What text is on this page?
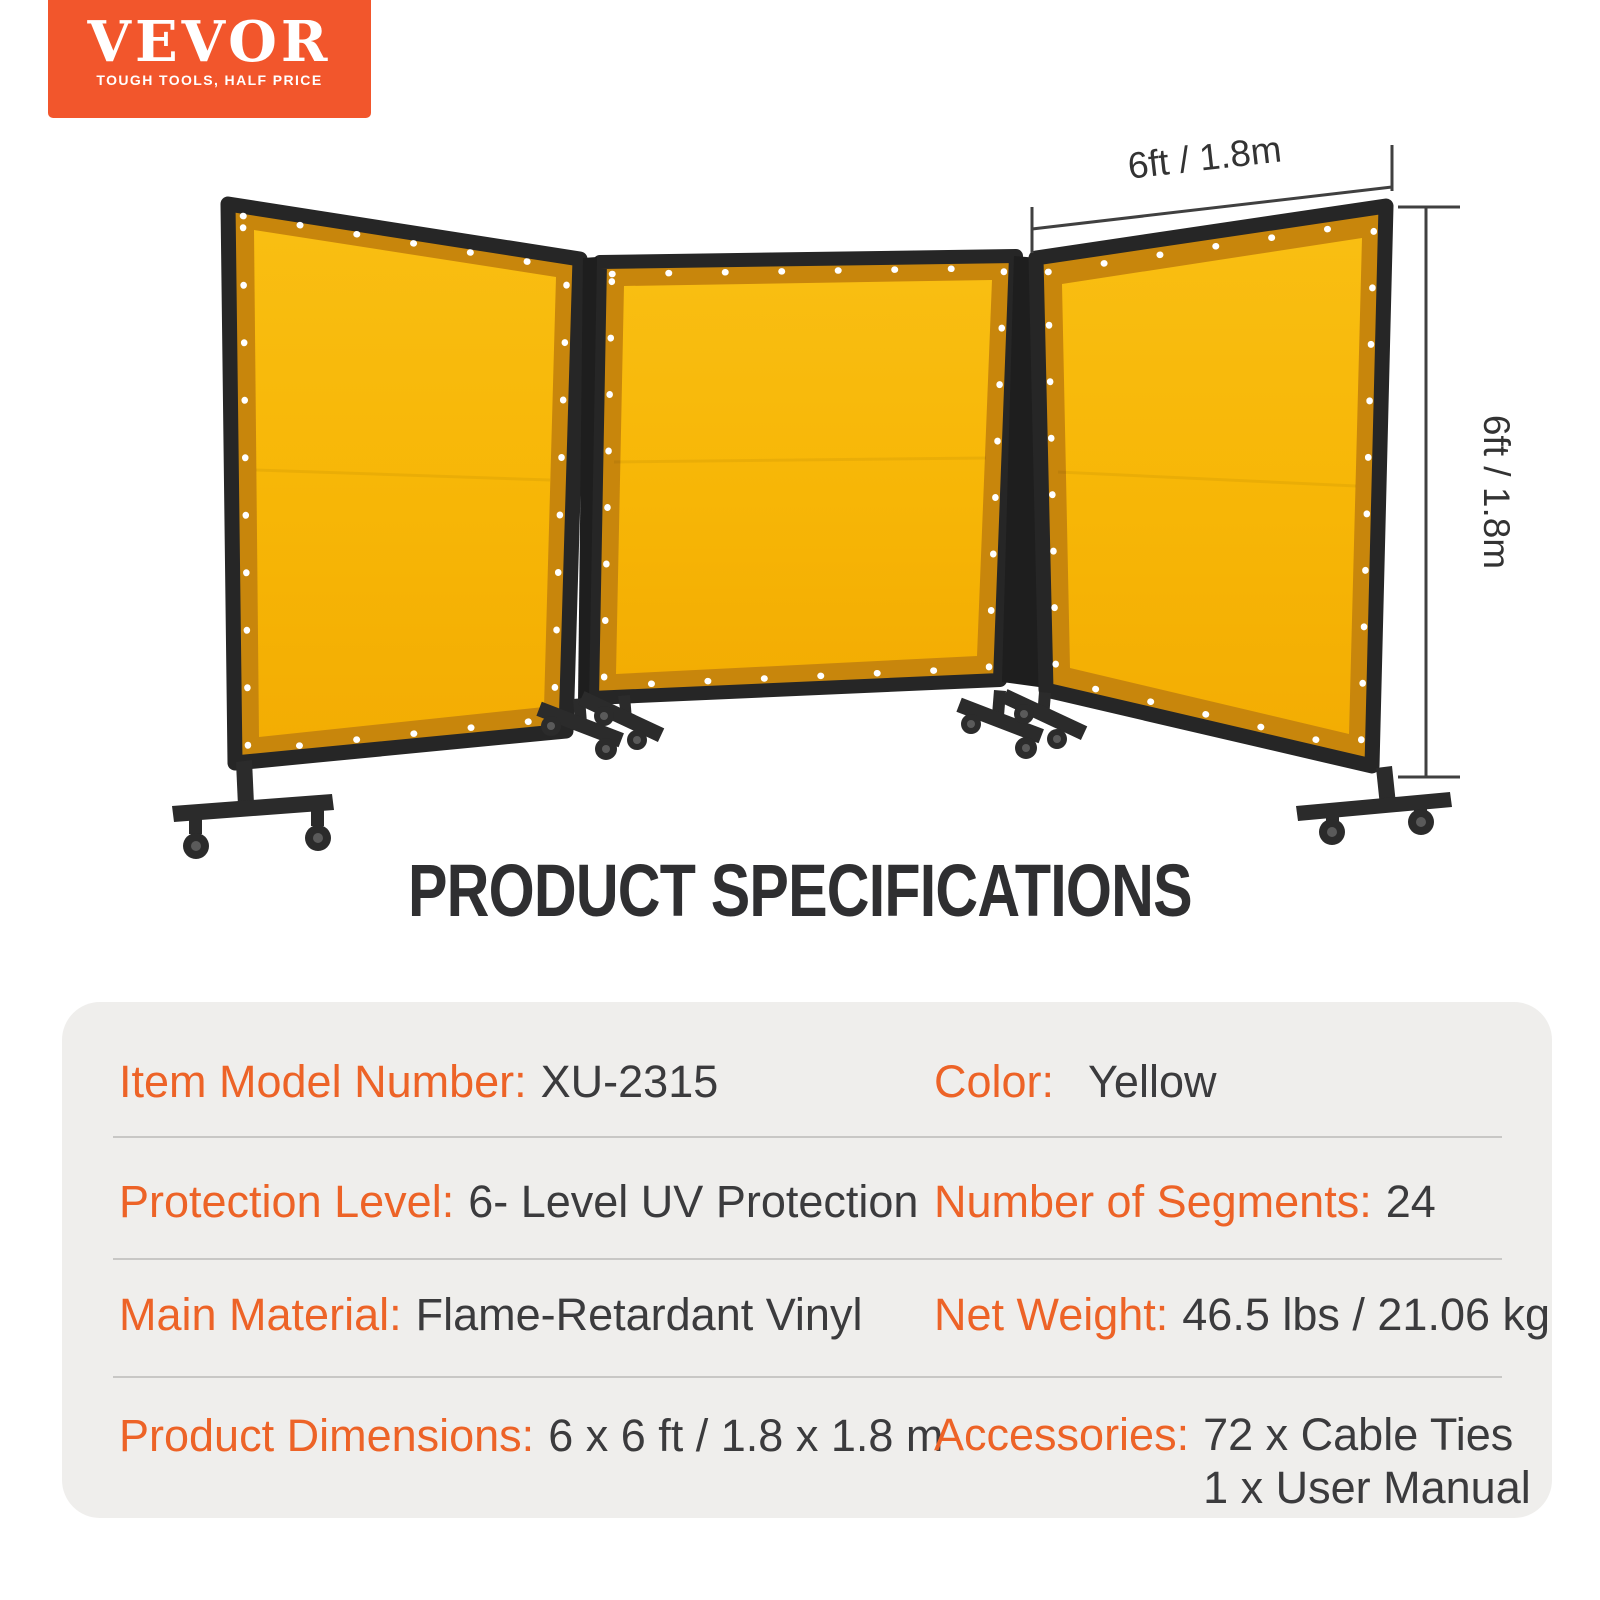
6ft / 1.8m
6ft / 1.8m
VEVOR
TOUGH TOOLS, HALF PRICE
PRODUCT SPECIFICATIONS
Item Model Number: XU-2315	Color: Yellow
Protection Level: 6- Level UV Protection Number of Segments: 24
Main Material: Flame-Retardant Vinyl Net Weight: 46.5 lbs / 21.06 kg
Product Dimensions: 6 x 6 ft / 1.8 x 1.8 m
Accessories: 72 x Cable Ties
1 x User Manual
